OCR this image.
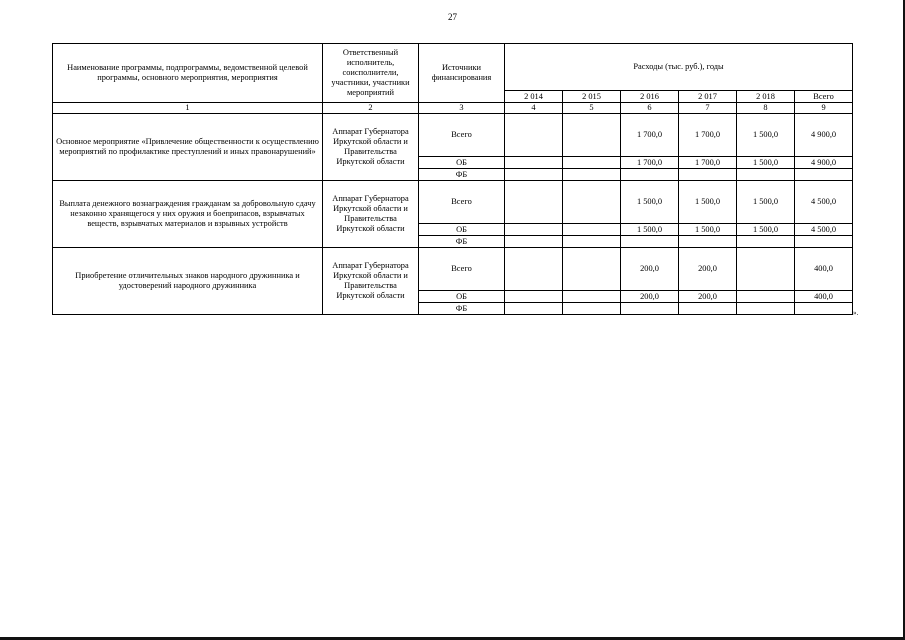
27
Наименование программы, подпрограммы, ведомственной целевой программы, основного мероприятия, мероприятия	Ответственный исполнитель, соисполнители, участники, участники мероприятий	Источники финансирования	Расходы (тыс. руб.), годы					
			2 014	2 015	2 016	2 017	2 018	Всего
1	2	3	4	5	6	7	8	9
Основное мероприятие «Привлечение общественности к осуществлению мероприятий по профилактике преступлений и иных правонарушений»	Аппарат Губернатора Иркутской области и Правительства Иркутской области	Всего			1 700,0	1 700,0	1 500,0	4 900,0
		ОБ			1 700,0	1 700,0	1 500,0	4 900,0
		ФБ						
Выплата денежного вознаграждения гражданам за добровольную сдачу незаконно хранящегося у них оружия и боеприпасов, взрывчатых веществ, взрывчатых материалов и взрывных устройств	Аппарат Губернатора Иркутской области и Правительства Иркутской области	Всего			1 500,0	1 500,0	1 500,0	4 500,0
		ОБ			1 500,0	1 500,0	1 500,0	4 500,0
		ФБ						
Приобретение отличительных знаков народного дружинника и удостоверений народного дружинника	Аппарат Губернатора Иркутской области и Правительства Иркутской области	Всего			200,0	200,0		400,0
		ОБ			200,0	200,0		400,0
		ФБ						
».
